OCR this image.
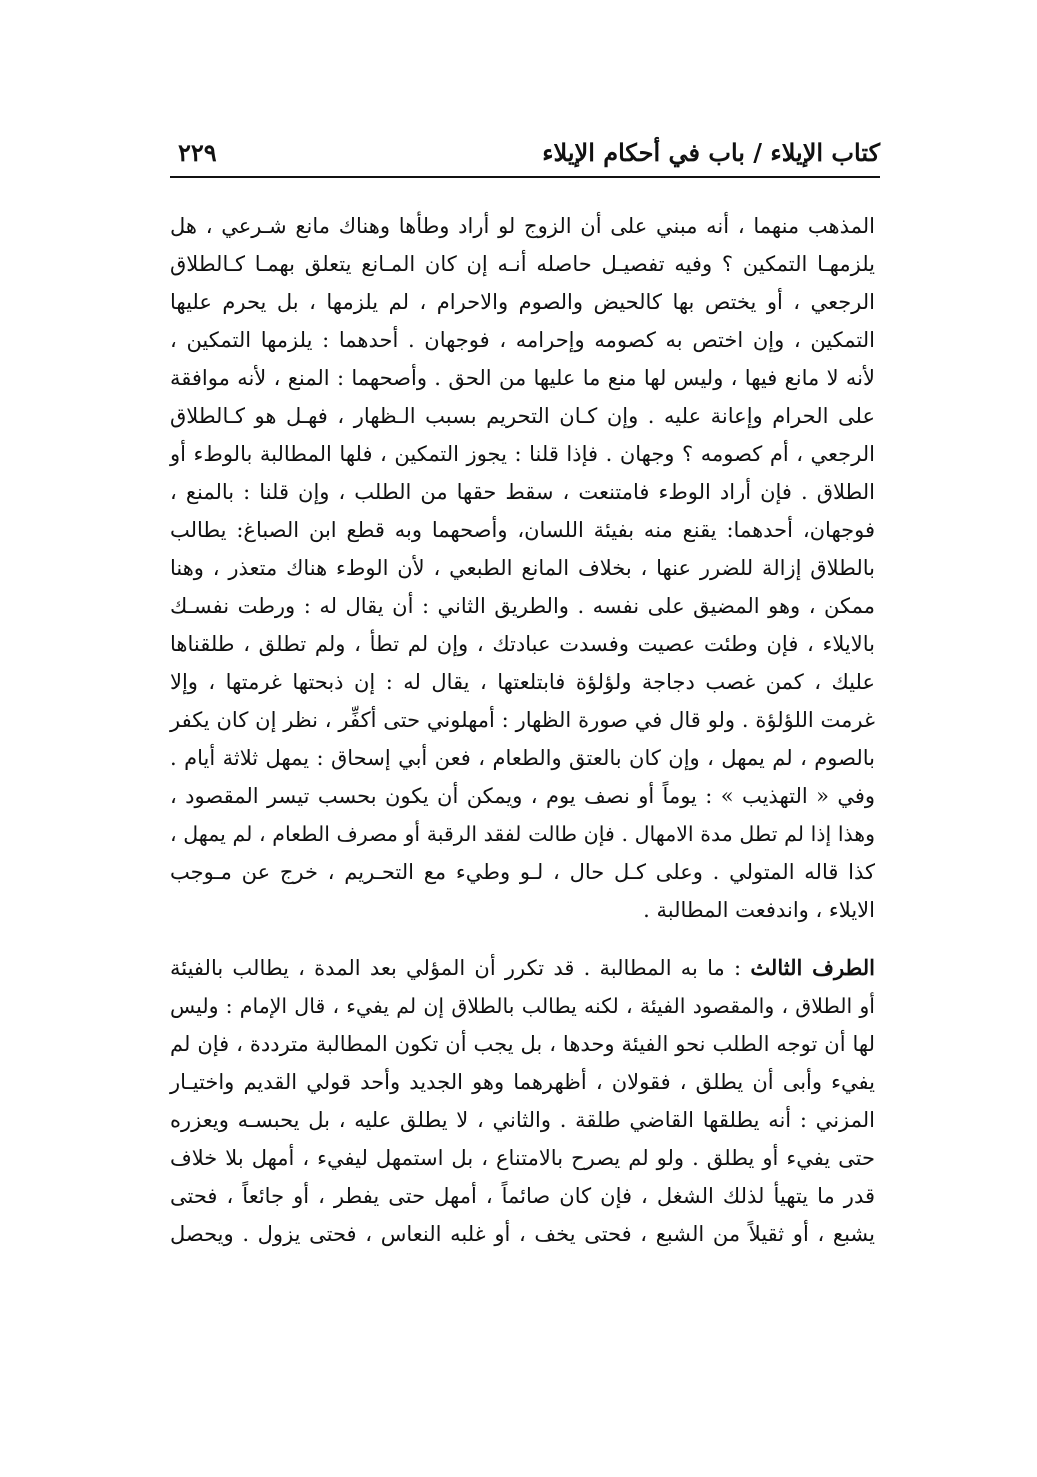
كتاب الإيلاء / باب في أحكام الإيلاء
٢٢٩
المذهب منهما ، أنه مبني على أن الزوج لو أراد وطأها وهناك مانع شـرعي ، هل
يلزمهـا التمكين ؟ وفيه تفصيـل حاصله أنـه إن كان المـانع يتعلق بهمـا كـالطلاق
الرجعي ، أو يختص بها كالحيض والصوم والاحرام ، لم يلزمها ، بل يحرم عليها
التمكين ، وإن اختص به كصومه وإحرامه ، فوجهان . أحدهما : يلزمها التمكين ،
لأنه لا مانع فيها ، وليس لها منع ما عليها من الحق . وأصحهما : المنع ، لأنه موافقة
على الحرام وإعانة عليه . وإن كـان التحريم بسبب الـظهار ، فهـل هو كـالطلاق
الرجعي ، أم كصومه ؟ وجهان . فإذا قلنا : يجوز التمكين ، فلها المطالبة بالوطء أو
الطلاق . فإن أراد الوطء فامتنعت ، سقط حقها من الطلب ، وإن قلنا : بالمنع ،
فوجهان، أحدهما: يقنع منه بفيئة اللسان، وأصحهما وبه قطع ابن الصباغ: يطالب
بالطلاق إزالة للضرر عنها ، بخلاف المانع الطبعي ، لأن الوطء هناك متعذر ، وهنا
ممكن ، وهو المضيق على نفسه . والطريق الثاني : أن يقال له : ورطت نفسـك
بالايلاء ، فإن وطئت عصيت وفسدت عبادتك ، وإن لم تطأ ، ولم تطلق ، طلقناها
عليك ، كمن غصب دجاجة ولؤلؤة فابتلعتها ، يقال له : إن ذبحتها غرمتها ، وإلا
غرمت اللؤلؤة . ولو قال في صورة الظهار : أمهلوني حتى أكفِّر ، نظر إن كان يكفر
بالصوم ، لم يمهل ، وإن كان بالعتق والطعام ، فعن أبي إسحاق : يمهل ثلاثة أيام .
وفي « التهذيب » : يوماً أو نصف يوم ، ويمكن أن يكون بحسب تيسر المقصود ،
وهذا إذا لم تطل مدة الامهال . فإن طالت لفقد الرقبة أو مصرف الطعام ، لم يمهل ،
كذا قاله المتولي . وعلى كـل حال ، لـو وطيء مع التحـريم ، خرج عن مـوجب
الايلاء ، واندفعت المطالبة .
الطرف الثالث : ما به المطالبة . قد تكرر أن المؤلي بعد المدة ، يطالب بالفيئة
أو الطلاق ، والمقصود الفيئة ، لكنه يطالب بالطلاق إن لم يفيء ، قال الإمام : وليس
لها أن توجه الطلب نحو الفيئة وحدها ، بل يجب أن تكون المطالبة مترددة ، فإن لم
يفيء وأبى أن يطلق ، فقولان ، أظهرهما وهو الجديد وأحد قولي القديم واختيـار
المزني : أنه يطلقها القاضي طلقة . والثاني ، لا يطلق عليه ، بل يحبسـه ويعزره
حتى يفيء أو يطلق . ولو لم يصرح بالامتناع ، بل استمهل ليفيء ، أمهل بلا خلاف
قدر ما يتهيأ لذلك الشغل ، فإن كان صائماً ، أمهل حتى يفطر ، أو جائعاً ، فحتى
يشبع ، أو ثقيلاً من الشبع ، فحتى يخف ، أو غلبه النعاس ، فحتى يزول . ويحصل
